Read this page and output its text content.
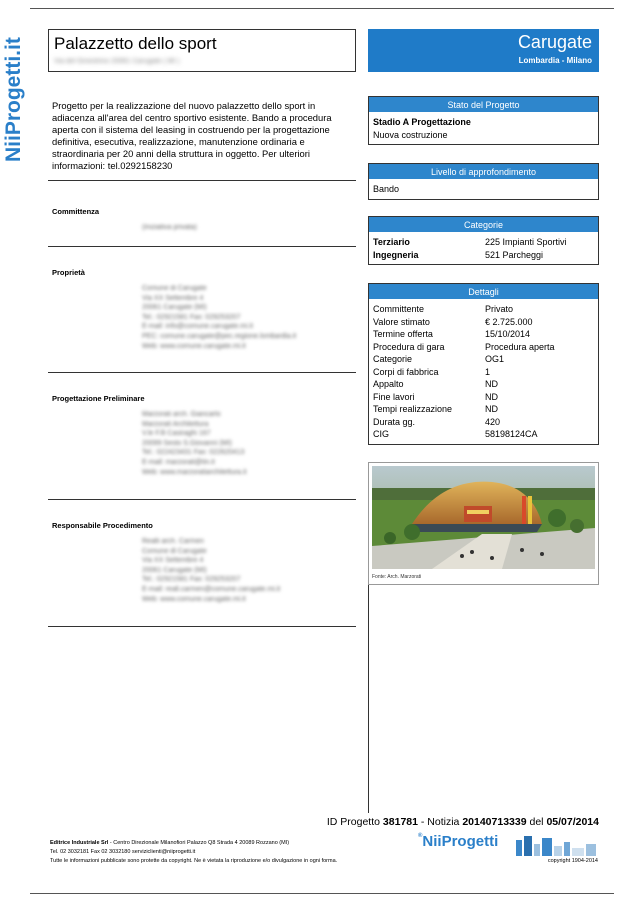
NiiProgetti.it Palazzetto dello sport
Via del Ginestrino 20061 Carugate ( MI )
Carugate
Lombardia - Milano
Progetto per la realizzazione del nuovo palazzetto dello sport in adiacenza all'area del centro sportivo esistente. Bando a procedura aperta con il sistema del leasing in costruendo per la progettazione definitiva, esecutiva, realizzazione, manutenzione ordinaria e straordinaria per 20 anni della struttura in oggetto. Per ulteriori informazioni: tel.0292158230
Committenza
(Iniziativa privata)
Proprietà
Comune di Carugate
Via XX Settembre 4
20061 Carugate (MI)
Tel.: 02921581 Fax: 029253207
E-mail: info@comune.carugate.mi.it
PEC: comune.carugate@pec.regione.lombardia.it
Web: www.comune.carugate.mi.it
Progettazione Preliminare
Marzorati arch. Giancarlo
Marzorati Architettura
V.le F.lli Casiraghi 167
20099 Sesto S.Giovanni (MI)
Tel.: 022423431 Fax: 022620413
E-mail: marzorati@tin.it
Web: www.marzoratiarchitettura.it
Responsabile Procedimento
Realli arch. Carmen
Comune di Carugate
Via XX Settembre 4
20061 Carugate (MI)
Tel.: 02921581 Fax: 029253207
E-mail: reali.carmen@comune.carugate.mi.it
Web: www.comune.carugate.mi.it
Stato del Progetto
Stadio A Progettazione
Nuova costruzione
Livello di approfondimento
Bando
Categorie
Terziario	225 Impianti Sportivi
Ingegneria	521 Parcheggi
Dettagli
Committente	Privato
Valore stimato	€ 2.725.000
Termine offerta	15/10/2014
Procedura di gara	Procedura aperta
Categorie	OG1
Corpi di fabbrica	1
Appalto	ND
Fine lavori	ND
Tempi realizzazione	ND
Durata gg.	420
CIG	58198124CA
Fonte: Arch. Marzorati
ID Progetto 381781 - Notizia 20140713339 del 05/07/2014
Editrice Industriale Srl - Centro Direzionale Milanofiori Palazzo Q8 Strada 4 20089 Rozzano (MI)
Tel. 02 3032181 Fax 02 3032180 serviziclienti@niiprogetti.it
Tutte le informazioni pubblicate sono protette da copyright. Ne è vietata la riproduzione e/o divulgazione in ogni forma.
®NiiProgetti
copyright 1904-2014
